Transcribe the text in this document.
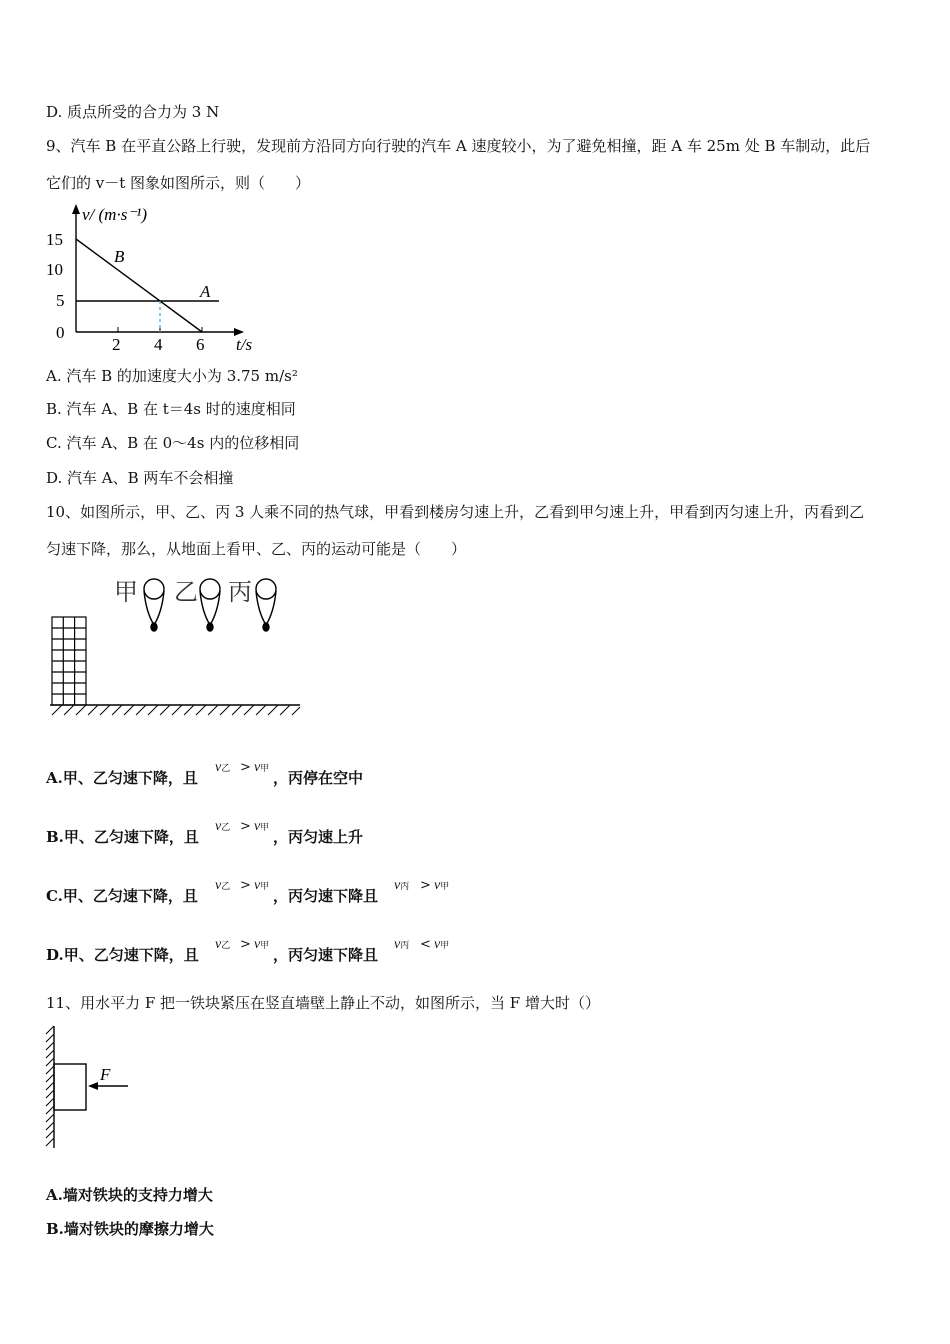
D. 质点所受的合力为 3 N
9、汽车 B 在平直公路上行驶，发现前方沿同方向行驶的汽车 A 速度较小，为了避免相撞，距 A 车 25m 处 B 车制动，此后
它们的 v－t 图象如图所示，则（　　）
v/ (m·s⁻¹)
t/s
15
10
5
0
2 4 6
B
A
A. 汽车 B 的加速度大小为 3.75 m/s²
B. 汽车 A、B 在 t＝4s 时的速度相同
C. 汽车 A、B 在 0～4s 内的位移相同
D. 汽车 A、B 两车不会相撞
10、如图所示，甲、乙、丙 3 人乘不同的热气球，甲看到楼房匀速上升，乙看到甲匀速上升，甲看到丙匀速上升，丙看到乙
匀速下降，那么，从地面上看甲、乙、丙的运动可能是（　　）
甲 乙 丙
A.甲、乙匀速下降，且
v乙 > v甲
，丙停在空中
B.甲、乙匀速下降，且
v乙 > v甲
，丙匀速上升
C.甲、乙匀速下降，且
v乙 > v甲
，丙匀速下降且
v丙 > v甲
D.甲、乙匀速下降，且
v乙 > v甲
，丙匀速下降且
v丙 < v甲
11、用水平力 F 把一铁块紧压在竖直墙壁上静止不动，如图所示，当 F 增大时（）
F
A.墙对铁块的支持力增大
B.墙对铁块的摩擦力增大
